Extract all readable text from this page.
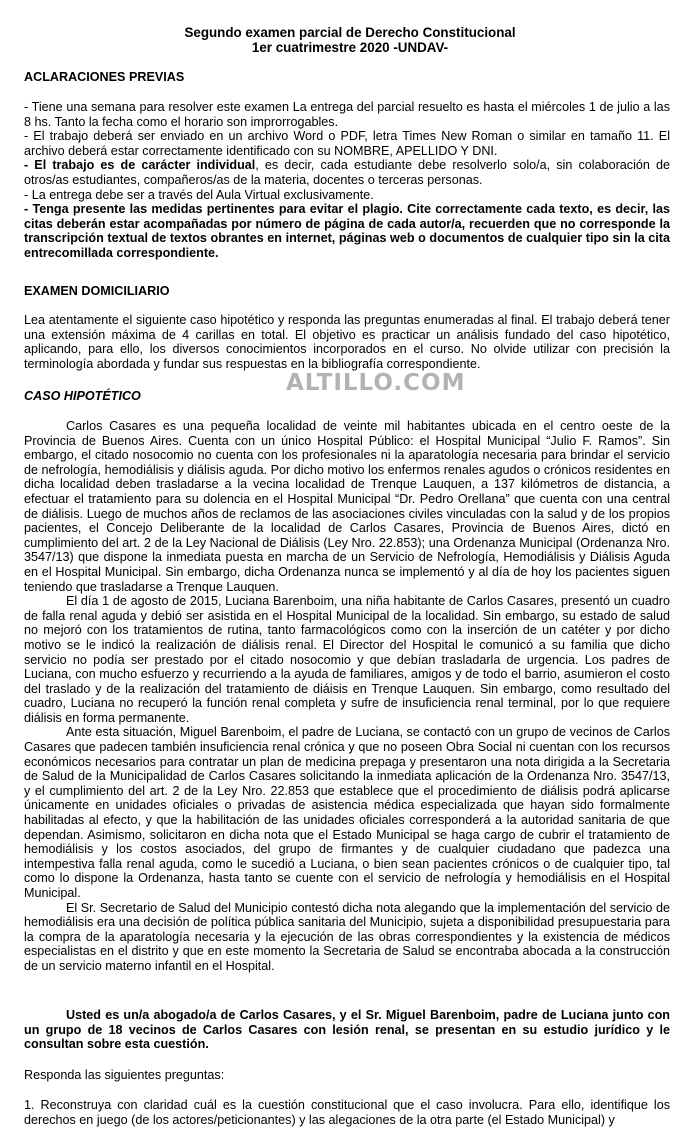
Segundo examen parcial de Derecho Constitucional
1er cuatrimestre 2020 -UNDAV-
ACLARACIONES PREVIAS

- Tiene una semana para resolver este examen La entrega del parcial resuelto es hasta el miércoles 1 de julio a las 8 hs. Tanto la fecha como el horario son improrrogables.

- El trabajo deberá ser enviado en un archivo Word o PDF, letra Times New Roman o similar en tamaño 11. El archivo deberá estar correctamente identificado con su NOMBRE, APELLIDO Y DNI.

- El trabajo es de carácter individual, es decir, cada estudiante debe resolverlo solo/a, sin colaboración de otros/as estudiantes, compañeros/as de la materia, docentes o terceras personas.

- La entrega debe ser a través del Aula Virtual exclusivamente.

- Tenga presente las medidas pertinentes para evitar el plagio. Cite correctamente cada texto, es decir, las citas deberán estar acompañadas por número de página de cada autor/a, recuerden que no corresponde la transcripción textual de textos obrantes en internet, páginas web o documentos de cualquier tipo sin la cita entrecomillada correspondiente.

EXAMEN DOMICILIARIO

Lea atentamente el siguiente caso hipotético y responda las preguntas enumeradas al final. El trabajo deberá tener una extensión máxima de 4 carillas en total. El objetivo es practicar un análisis fundado del caso hipotético, aplicando, para ello, los diversos conocimientos incorporados en el curso. No olvide utilizar con precisión la terminología abordada y fundar sus respuestas en la bibliografía correspondiente.

CASO HIPOTÉTICO	ALTILLO.COM

Carlos Casares es una pequeña localidad de veinte mil habitantes ubicada en el centro oeste de la Provincia de Buenos Aires. Cuenta con un único Hospital Público: el Hospital Municipal “Julio F. Ramos”. Sin embargo, el citado nosocomio no cuenta con los profesionales ni la aparatología necesaria para brindar el servicio de nefrología, hemodiálisis y diálisis aguda. Por dicho motivo los enfermos renales agudos o crónicos residentes en dicha localidad deben trasladarse a la vecina localidad de Trenque Lauquen, a 137 kilómetros de distancia, a efectuar el tratamiento para su dolencia en el Hospital Municipal “Dr. Pedro Orellana” que cuenta con una central de diálisis. Luego de muchos años de reclamos de las asociaciones civiles vinculadas con la salud y de los propios pacientes, el Concejo Deliberante de la localidad de Carlos Casares, Provincia de Buenos Aires, dictó en cumplimiento del art. 2 de la Ley Nacional de Diálisis (Ley Nro. 22.853); una Ordenanza Municipal (Ordenanza Nro. 3547/13) que dispone la inmediata puesta en marcha de un Servicio de Nefrología, Hemodiálisis y Diálisis Aguda en el Hospital Municipal. Sin embargo, dicha Ordenanza nunca se implementó y al día de hoy los pacientes siguen teniendo que trasladarse a Trenque Lauquen.

El día 1 de agosto de 2015, Luciana Barenboim, una niña habitante de Carlos Casares, presentó un cuadro de falla renal aguda y debió ser asistida en el Hospital Municipal de la localidad. Sin embargo, su estado de salud no mejoró con los tratamientos de rutina, tanto farmacológicos como con la inserción de un catéter y por dicho motivo se le indicó la realización de diálisis renal. El Director del Hospital le comunicó a su familia que dicho servicio no podía ser prestado por el citado nosocomio y que debían trasladarla de urgencia. Los padres de Luciana, con mucho esfuerzo y recurriendo a la ayuda de familiares, amigos y de todo el barrio, asumieron el costo del traslado y de la realización del tratamiento de diáisis en Trenque Lauquen. Sin embargo, como resultado del cuadro, Luciana no recuperó la función renal completa y sufre de insuficiencia renal terminal, por lo que requiere diálisis en forma permanente.

Ante esta situación, Miguel Barenboim, el padre de Luciana, se contactó con un grupo de vecinos de Carlos Casares que padecen también insuficiencia renal crónica y que no poseen Obra Social ni cuentan con los recursos económicos necesarios para contratar un plan de medicina prepaga y presentaron una nota dirigida a la Secretaria de Salud de la Municipalidad de Carlos Casares solicitando la inmediata aplicación de la Ordenanza Nro. 3547/13, y el cumplimiento del art. 2 de la Ley Nro. 22.853 que establece que el procedimiento de diálisis podrá aplicarse únicamente en unidades oficiales o privadas de asistencia médica especializada que hayan sido formalmente habilitadas al efecto, y que la habilitación de las unidades oficiales corresponderá a la autoridad sanitaria de que dependan. Asimismo, solicitaron en dicha nota que el Estado Municipal se haga cargo de cubrir el tratamiento de hemodiálisis y los costos asociados, del grupo de firmantes y de cualquier ciudadano que padezca una intempestiva falla renal aguda, como le sucedió a Luciana, o bien sean pacientes crónicos o de cualquier tipo, tal como lo dispone la Ordenanza, hasta tanto se cuente con el servicio de nefrología y hemodiálisis en el Hospital Municipal.

El Sr. Secretario de Salud del Municipio contestó dicha nota alegando que la implementación del servicio de hemodiálisis era una decisión de política pública sanitaria del Municipio, sujeta a disponibilidad presupuestaria para la compra de la aparatología necesaria y la ejecución de las obras correspondientes y la existencia de médicos especialistas en el distrito y que en este momento la Secretaria de Salud se encontraba abocada a la construcción de un servicio materno infantil en el Hospital.

Usted es un/a abogado/a de Carlos Casares, y el Sr. Miguel Barenboim, padre de Luciana junto con un grupo de 18 vecinos de Carlos Casares con lesión renal, se presentan en su estudio jurídico y le consultan sobre esta cuestión.

Responda las siguientes preguntas:
1. Reconstruya con claridad cuál es la cuestión constitucional que el caso involucra. Para ello, identifique los derechos en juego (de los actores/peticionantes) y las alegaciones de la otra parte (el Estado Municipal) y
